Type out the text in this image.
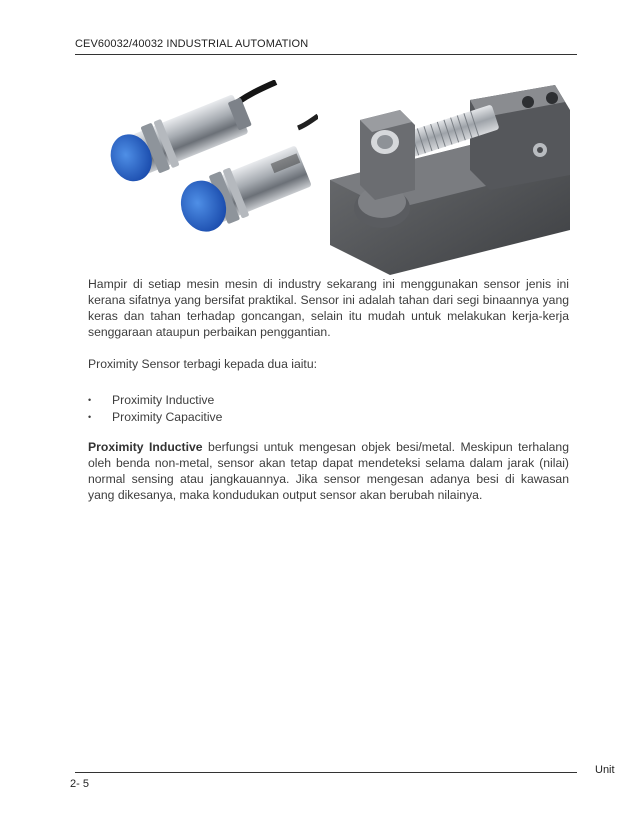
CEV60032/40032 INDUSTRIAL AUTOMATION

Hampir di setiap mesin mesin di industry sekarang ini menggunakan sensor jenis ini kerana sifatnya yang bersifat praktikal. Sensor ini adalah tahan dari segi binaannya yang keras dan tahan terhadap goncangan, selain itu mudah untuk melakukan kerja-kerja senggaraan ataupun perbaikan penggantian.

Proximity Sensor terbagi kepada dua iaitu:

• Proximity Inductive
• Proximity Capacitive

Proximity Inductive berfungsi untuk mengesan objek besi/metal. Meskipun terhalang oleh benda non-metal, sensor akan tetap dapat mendeteksi selama dalam jarak (nilai) normal sensing atau jangkauannya. Jika sensor mengesan adanya besi di kawasan yang dikesanya, maka kondudukan output sensor akan berubah nilainya.

Unit
2- 5
